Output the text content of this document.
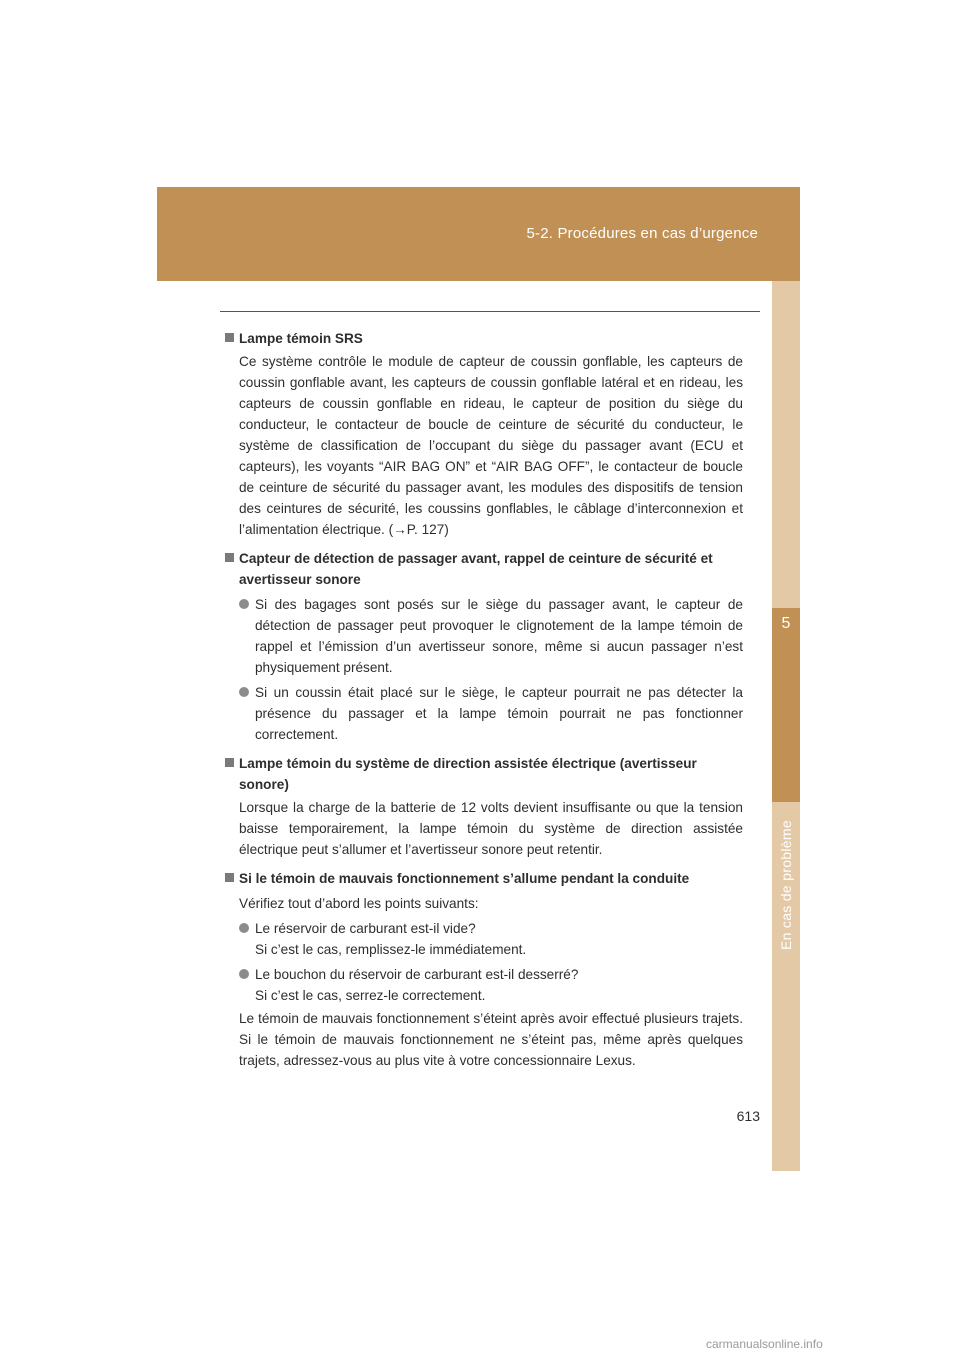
5-2. Procédures en cas d’urgence
5
En cas de problème

Lampe témoin SRS

Ce système contrôle le module de capteur de coussin gonflable, les capteurs de coussin gonflable avant, les capteurs de coussin gonflable latéral et en rideau, les capteurs de coussin gonflable en rideau, le capteur de position du siège du conducteur, le contacteur de boucle de ceinture de sécurité du conducteur, le système de classification de l’occupant du siège du passager avant (ECU et capteurs), les voyants “AIR BAG ON” et “AIR BAG OFF”, le contacteur de boucle de ceinture de sécurité du passager avant, les modules des dispositifs de tension des ceintures de sécurité, les coussins gonflables, le câblage d’interconnexion et l’alimentation électrique. (→P. 127)

Capteur de détection de passager avant, rappel de ceinture de sécurité et avertisseur sonore

Si des bagages sont posés sur le siège du passager avant, le capteur de détection de passager peut provoquer le clignotement de la lampe témoin de rappel et l’émission d’un avertisseur sonore, même si aucun passager n’est physiquement présent.

Si un coussin était placé sur le siège, le capteur pourrait ne pas détecter la présence du passager et la lampe témoin pourrait ne pas fonctionner correctement.

Lampe témoin du système de direction assistée électrique (avertisseur sonore)

Lorsque la charge de la batterie de 12 volts devient insuffisante ou que la tension baisse temporairement, la lampe témoin du système de direction assistée électrique peut s’allumer et l’avertisseur sonore peut retentir.

Si le témoin de mauvais fonctionnement s’allume pendant la conduite

Vérifiez tout d’abord les points suivants:

Le réservoir de carburant est-il vide?
Si c’est le cas, remplissez-le immédiatement.

Le bouchon du réservoir de carburant est-il desserré?
Si c’est le cas, serrez-le correctement.

Le témoin de mauvais fonctionnement s’éteint après avoir effectué plusieurs trajets. Si le témoin de mauvais fonctionnement ne s’éteint pas, même après quelques trajets, adressez-vous au plus vite à votre concessionnaire Lexus.

613
carmanualsonline.info
